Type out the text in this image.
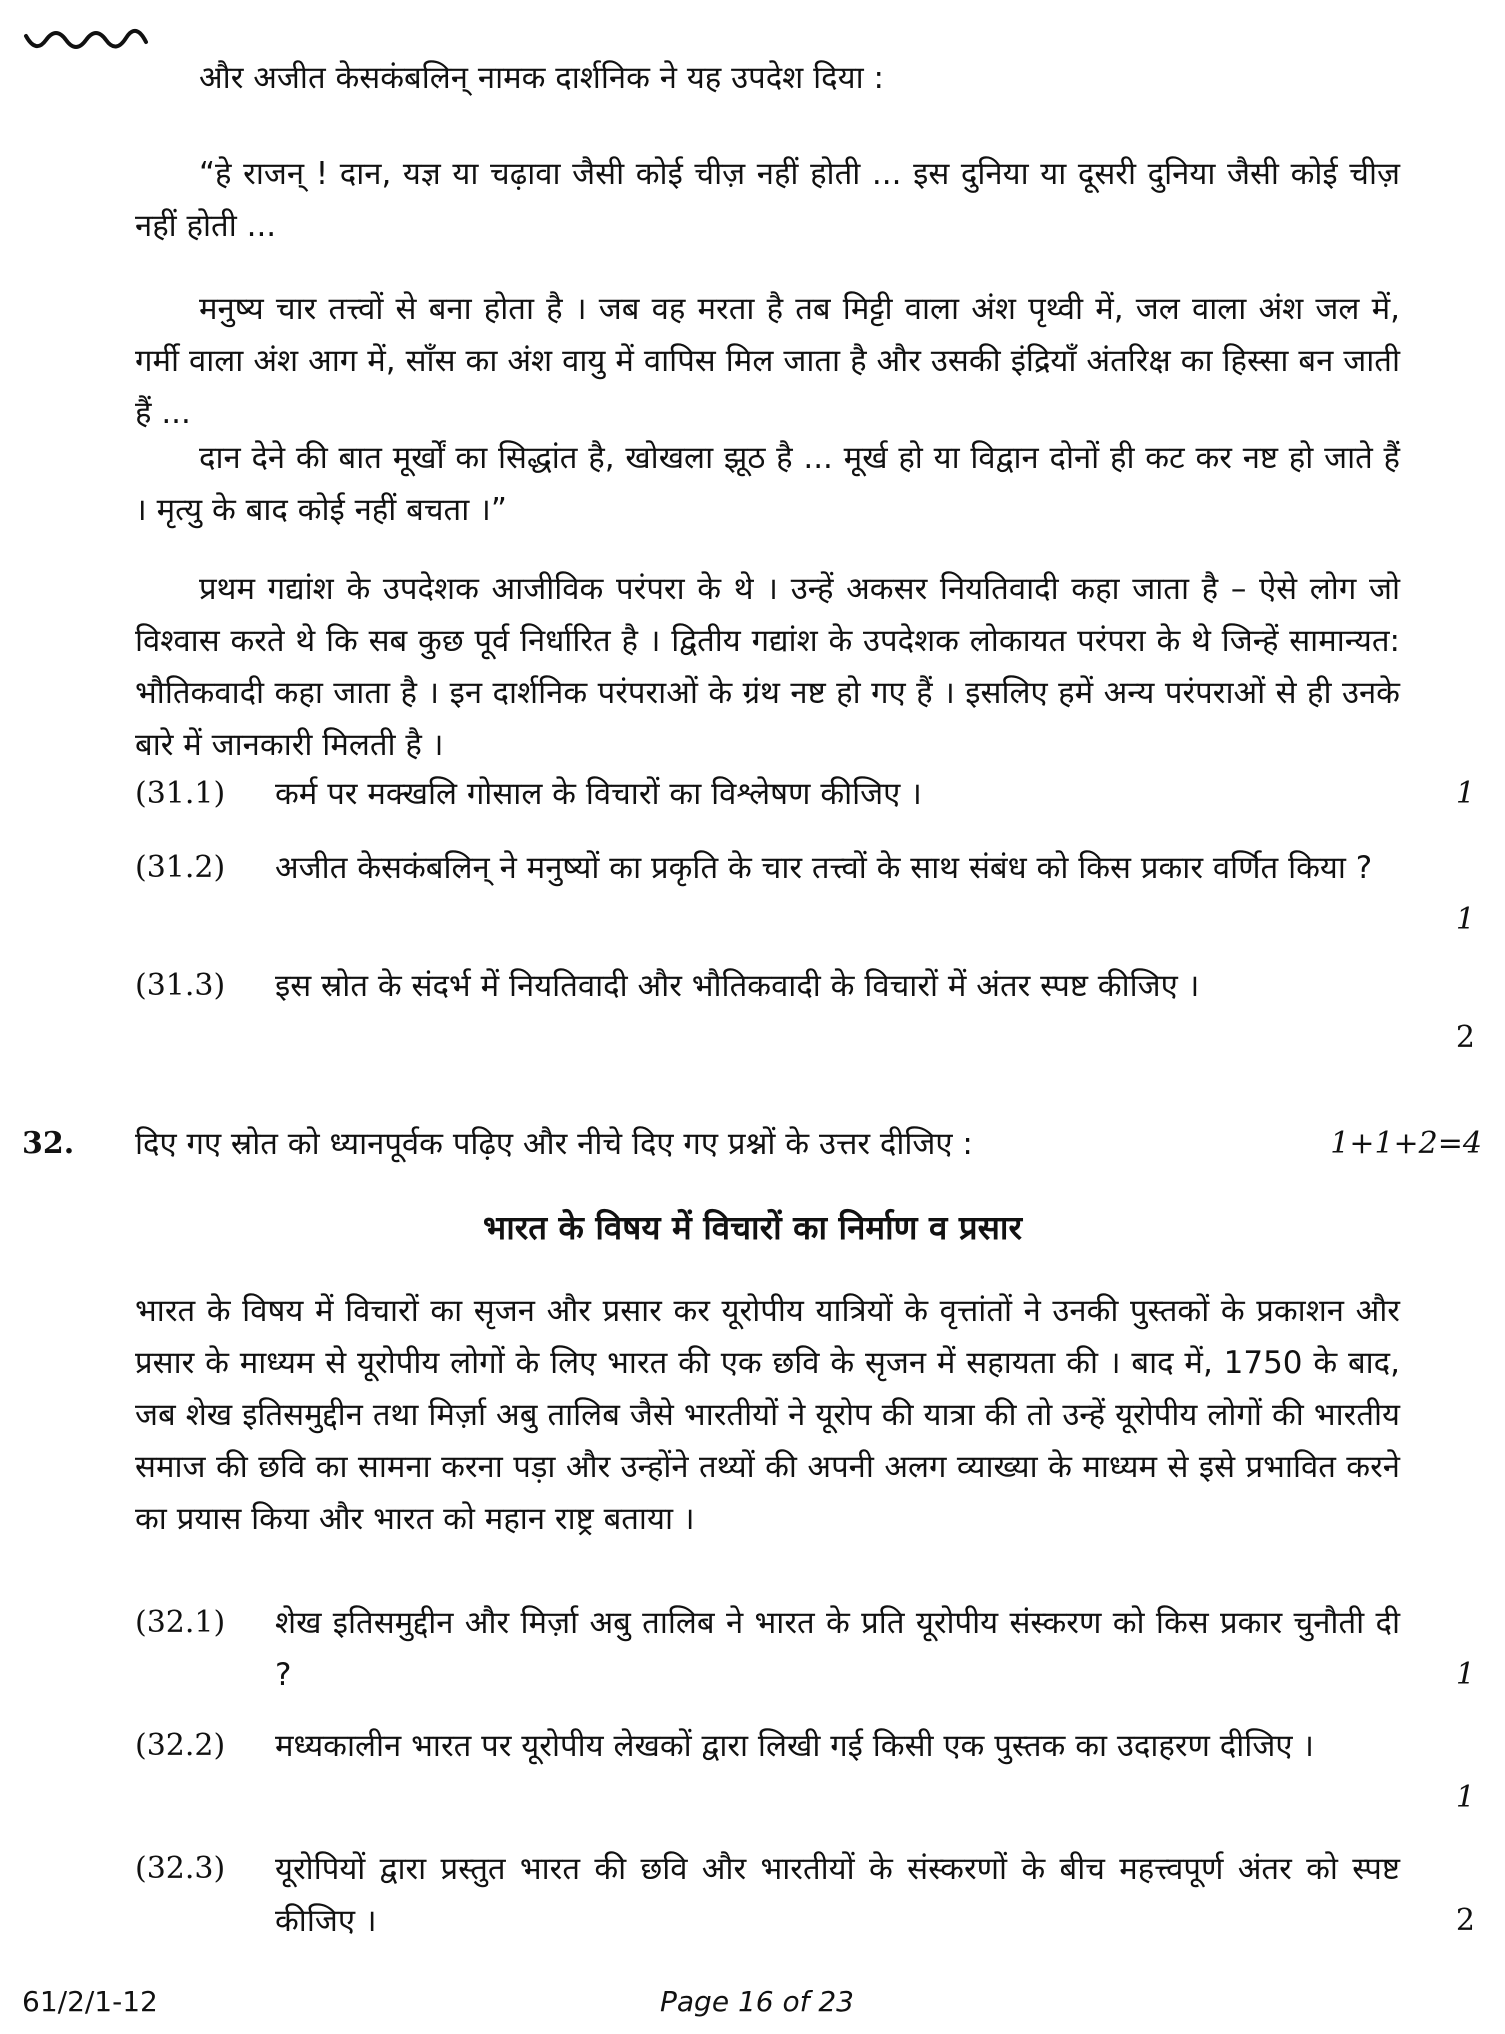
और अजीत केसकंबलिन् नामक दार्शनिक ने यह उपदेश दिया :

“हे राजन् ! दान, यज्ञ या चढ़ावा जैसी कोई चीज़ नहीं होती ... इस दुनिया या दूसरी दुनिया जैसी कोई चीज़ नहीं होती ...

मनुष्य चार तत्त्वों से बना होता है । जब वह मरता है तब मिट्टी वाला अंश पृथ्वी में, जल वाला अंश जल में, गर्मी वाला अंश आग में, साँस का अंश वायु में वापिस मिल जाता है और उसकी इंद्रियाँ अंतरिक्ष का हिस्सा बन जाती हैं ...

दान देने की बात मूर्खों का सिद्धांत है, खोखला झूठ है ... मूर्ख हो या विद्वान दोनों ही कट कर नष्ट हो जाते हैं । मृत्यु के बाद कोई नहीं बचता ।”

प्रथम गद्यांश के उपदेशक आजीविक परंपरा के थे । उन्हें अकसर नियतिवादी कहा जाता है – ऐसे लोग जो विश्वास करते थे कि सब कुछ पूर्व निर्धारित है । द्वितीय गद्यांश के उपदेशक लोकायत परंपरा के थे जिन्हें सामान्यत: भौतिकवादी कहा जाता है । इन दार्शनिक परंपराओं के ग्रंथ नष्ट हो गए हैं । इसलिए हमें अन्य परंपराओं से ही उनके बारे में जानकारी मिलती है ।

(31.1) कर्म पर मक्खलि गोसाल के विचारों का विश्लेषण कीजिए ।	1
(31.2) अजीत केसकंबलिन् ने मनुष्यों का प्रकृति के चार तत्त्वों के साथ संबंध को किस प्रकार वर्णित किया ?
1
(31.3) इस स्रोत के संदर्भ में नियतिवादी और भौतिकवादी के विचारों में अंतर स्पष्ट कीजिए ।
2
32. दिए गए स्रोत को ध्यानपूर्वक पढ़िए और नीचे दिए गए प्रश्नों के उत्तर दीजिए :	1+1+2=4
भारत के विषय में विचारों का निर्माण व प्रसार

भारत के विषय में विचारों का सृजन और प्रसार कर यूरोपीय यात्रियों के वृत्तांतों ने उनकी पुस्तकों के प्रकाशन और प्रसार के माध्यम से यूरोपीय लोगों के लिए भारत की एक छवि के सृजन में सहायता की । बाद में, 1750 के बाद, जब शेख इतिसमुद्दीन तथा मिर्ज़ा अबु तालिब जैसे भारतीयों ने यूरोप की यात्रा की तो उन्हें यूरोपीय लोगों की भारतीय समाज की छवि का सामना करना पड़ा और उन्होंने तथ्यों की अपनी अलग व्याख्या के माध्यम से इसे प्रभावित करने का प्रयास किया और भारत को महान राष्ट्र बताया ।

(32.1) शेख इतिसमुद्दीन और मिर्ज़ा अबु तालिब ने भारत के प्रति यूरोपीय संस्करण को किस प्रकार चुनौती दी ?	1
(32.2) मध्यकालीन भारत पर यूरोपीय लेखकों द्वारा लिखी गई किसी एक पुस्तक का उदाहरण दीजिए ।
1
(32.3) यूरोपियों द्वारा प्रस्तुत भारत की छवि और भारतीयों के संस्करणों के बीच महत्त्वपूर्ण अंतर को स्पष्ट कीजिए ।	2
61/2/1-12	Page 16 of 23
